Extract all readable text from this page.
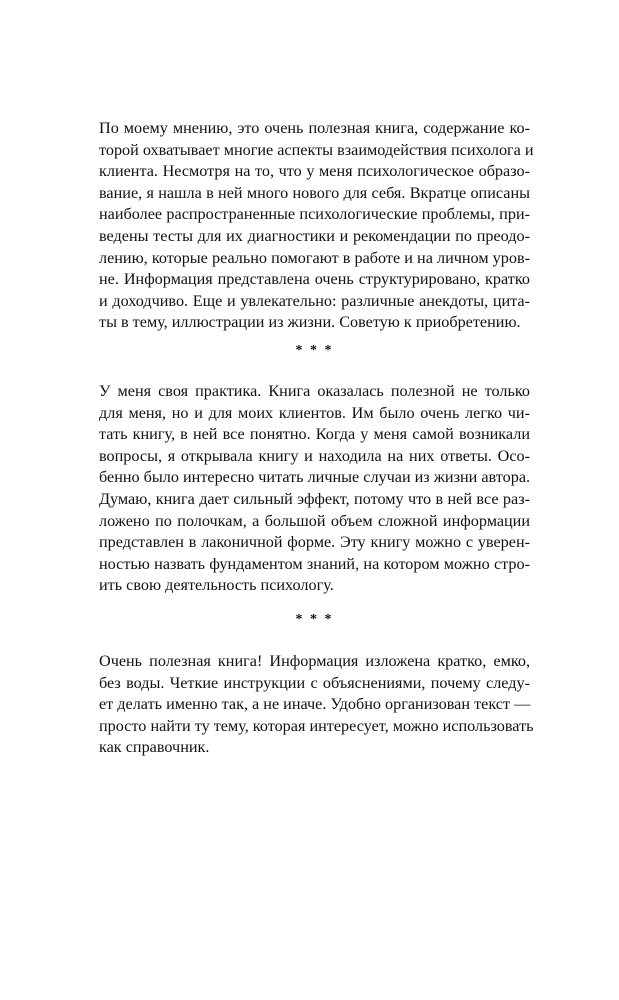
По моему мнению, это очень полезная книга, содержание ко-
торой охватывает многие аспекты взаимодействия психолога и
клиента. Несмотря на то, что у меня психологическое образо-
вание, я нашла в ней много нового для себя. Вкратце описаны
наиболее распространенные психологические проблемы, при-
ведены тесты для их диагностики и рекомендации по преодо-
лению, которые реально помогают в работе и на личном уров-
не. Информация представлена очень структурировано, кратко
и доходчиво. Еще и увлекательно: различные анекдоты, цита-
ты в тему, иллюстрации из жизни. Советую к приобретению.
* * *
У меня своя практика. Книга оказалась полезной не только
для меня, но и для моих клиентов. Им было очень легко чи-
тать книгу, в ней все понятно. Когда у меня самой возникали
вопросы, я открывала книгу и находила на них ответы. Осо-
бенно было интересно читать личные случаи из жизни автора.
Думаю, книга дает сильный эффект, потому что в ней все раз-
ложено по полочкам, а большой объем сложной информации
представлен в лаконичной форме. Эту книгу можно с уверен-
ностью назвать фундаментом знаний, на котором можно стро-
ить свою деятельность психологу.
* * *
Очень полезная книга! Информация изложена кратко, емко,
без воды. Четкие инструкции с объяснениями, почему следу-
ет делать именно так, а не иначе. Удобно организован текст —
просто найти ту тему, которая интересует, можно использовать
как справочник.
